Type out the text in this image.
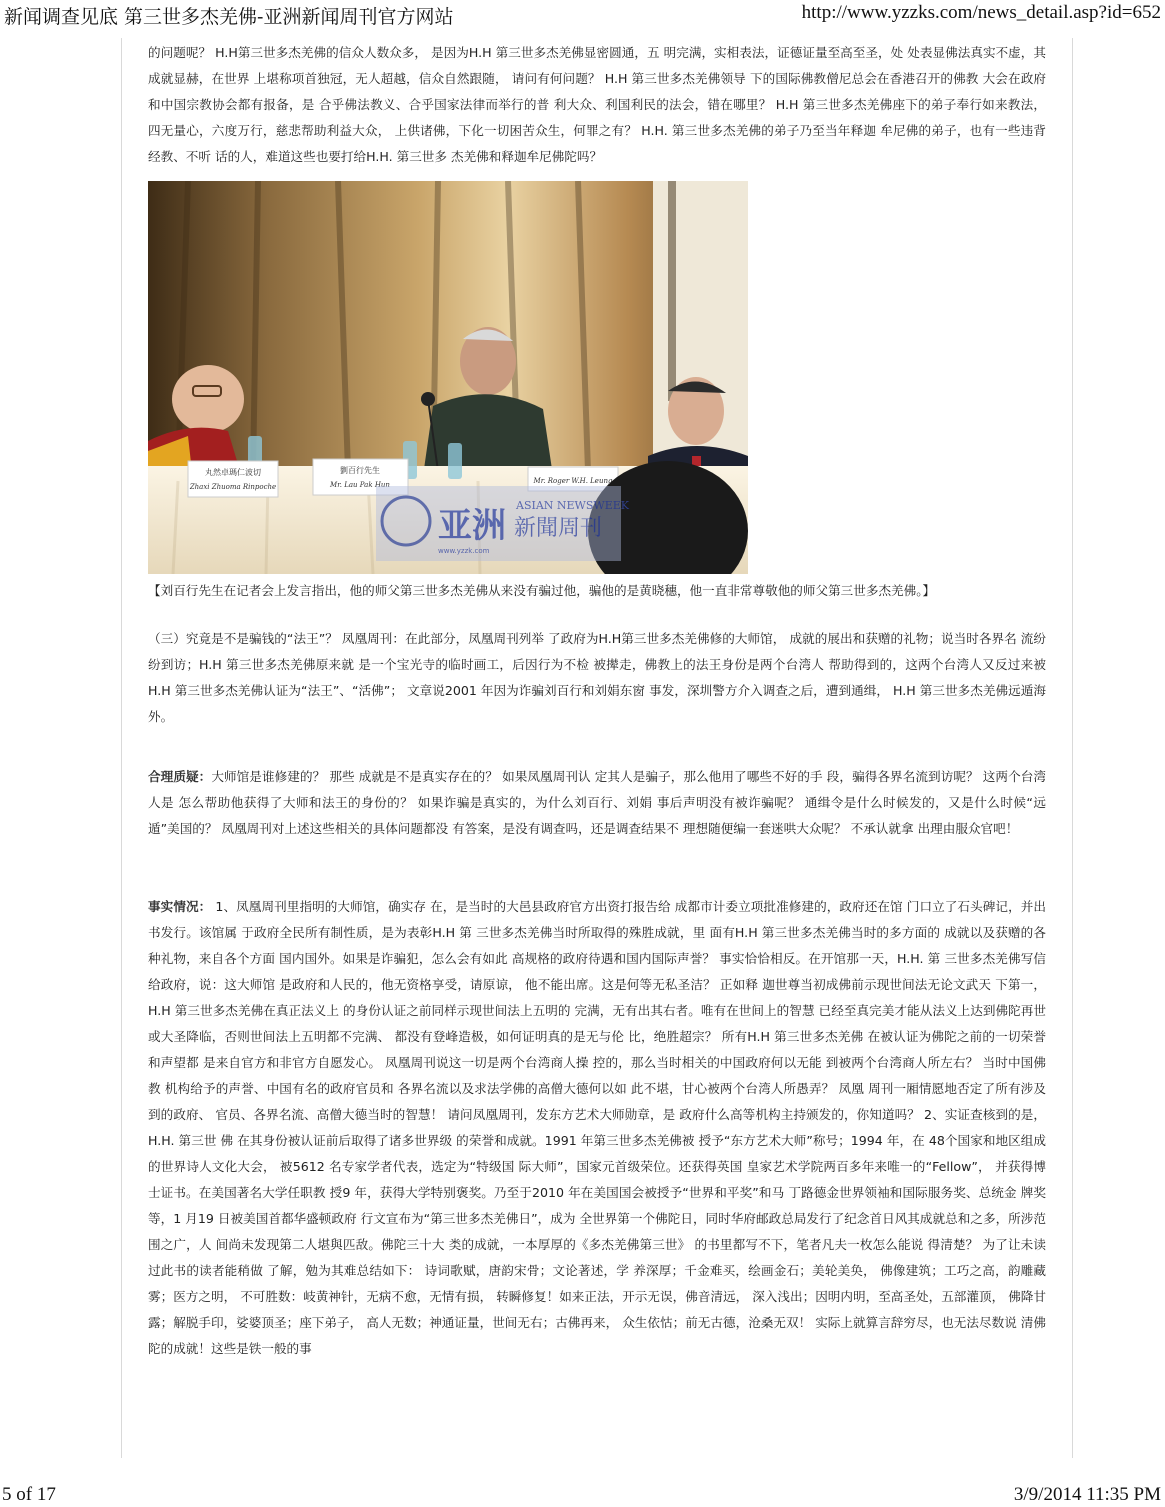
新闻调查见底 第三世多杰羌佛-亚洲新闻周刊官方网站	http://www.yzzks.com/news_detail.asp?id=652

的问题呢？ H.H第三世多杰羌佛的信众人数众多， 是因为H.H 第三世多杰羌佛显密圆通，五 明完满，实相表法，证德证量至高至圣，处 处表显佛法真实不虚，其成就显赫，在世界 上堪称项首独冠，无人超越，信众自然跟随， 请问有何问题？ H.H 第三世多杰羌佛领导 下的国际佛教僧尼总会在香港召开的佛教 大会在政府和中国宗教协会都有报备，是 合乎佛法教义、合乎国家法律而举行的普 利大众、利国利民的法会，错在哪里？ H.H 第三世多杰羌佛座下的弟子奉行如来教法， 四无量心，六度万行，慈悲帮助利益大众， 上供诸佛，下化一切困苦众生，何罪之有？ H.H. 第三世多杰羌佛的弟子乃至当年释迦 牟尼佛的弟子，也有一些违背经教、不听 话的人，难道这些也要打给H.H. 第三世多 杰羌佛和释迦牟尼佛陀吗？

丸然卓瑪仁波切
Zhaxi Zhuoma Rinpoche
劉百行先生
Mr. Lau Pak Hun	Mr. Roger W.H. Leung
亚洲
ASIAN NEWSWEEK
新聞周刊
www.yzzk.com

【刘百行先生在记者会上发言指出，他的师父第三世多杰羌佛从来没有骗过他，骗他的是黄晓穗，他一直非常尊敬他的师父第三世多杰羌佛。】

（三）究竟是不是骗钱的“法王”？ 凤凰周刊：在此部分，凤凰周刊列举 了政府为H.H第三世多杰羌佛修的大师馆， 成就的展出和获赠的礼物；说当时各界名 流纷纷到访；H.H 第三世多杰羌佛原来就 是一个宝光寺的临时画工，后因行为不检 被撵走，佛教上的法王身份是两个台湾人 帮助得到的，这两个台湾人又反过来被H.H 第三世多杰羌佛认证为“法王”、“活佛”； 文章说2001 年因为诈骗刘百行和刘娟东窗 事发，深圳警方介入调查之后，遭到通缉， H.H 第三世多杰羌佛远遁海外。

合理质疑：大师馆是谁修建的？ 那些 成就是不是真实存在的？ 如果凤凰周刊认 定其人是骗子，那么他用了哪些不好的手 段，骗得各界名流到访呢？ 这两个台湾人是 怎么帮助他获得了大师和法王的身份的？ 如果诈骗是真实的，为什么刘百行、刘娟 事后声明没有被诈骗呢？ 通缉令是什么时候发的，又是什么时候“远遁”美国的？ 凤凰周刊对上述这些相关的具体问题都没 有答案，是没有调查吗，还是调查结果不 理想随便编一套迷哄大众呢？ 不承认就拿 出理由服众官吧！

事实情况： 1、凤凰周刊里指明的大师馆，确实存 在，是当时的大邑县政府官方出资打报告给 成都市计委立项批准修建的，政府还在馆 门口立了石头碑记，并出书发行。该馆属 于政府全民所有制性质，是为表彰H.H 第 三世多杰羌佛当时所取得的殊胜成就，里 面有H.H 第三世多杰羌佛当时的多方面的 成就以及获赠的各种礼物，来自各个方面 国内国外。如果是诈骗犯，怎么会有如此 高规格的政府待遇和国内国际声誉？ 事实恰恰相反。在开馆那一天，H.H. 第 三世多杰羌佛写信给政府，说：这大师馆 是政府和人民的，他无资格享受，请原谅， 他不能出席。这是何等无私圣洁？ 正如释 迦世尊当初成佛前示现世间法无论文武天 下第一，H.H 第三世多杰羌佛在真正法义上 的身份认证之前同样示现世间法上五明的 完满，无有出其右者。唯有在世间上的智慧 已经至真完美才能从法义上达到佛陀再世 或大圣降临，否则世间法上五明都不完满、 都没有登峰造极，如何证明真的是无与伦 比，绝胜超宗？ 所有H.H 第三世多杰羌佛 在被认证为佛陀之前的一切荣誉和声望都 是来自官方和非官方自愿发心。 凤凰周刊说这一切是两个台湾商人操 控的，那么当时相关的中国政府何以无能 到被两个台湾商人所左右？ 当时中国佛教 机构给予的声誉、中国有名的政府官员和 各界名流以及求法学佛的高僧大德何以如 此不堪，甘心被两个台湾人所愚弄？ 凤凰 周刊一厢情愿地否定了所有涉及到的政府、 官员、各界名流、高僧大德当时的智慧！ 请问凤凰周刊，发东方艺术大师勋章，是 政府什么高等机构主持颁发的，你知道吗？ 2、实证查核到的是，H.H. 第三世 佛 在其身份被认证前后取得了诸多世界级 的荣誉和成就。1991 年第三世多杰羌佛被 授予“东方艺术大师”称号；1994 年，在 48个国家和地区组成的世界诗人文化大会， 被5612 名专家学者代表，选定为“特级国 际大师”，国家元首级荣位。还获得英国 皇家艺术学院两百多年来唯一的“Fellow”， 并获得博士证书。在美国著名大学任职教 授9 年，获得大学特别褒奖。乃至于2010 年在美国国会被授予“世界和平奖”和马 丁路德金世界领袖和国际服务奖、总统金 牌奖等，1 月19 日被美国首都华盛顿政府 行文宣布为“第三世多杰羌佛日”，成为 全世界第一个佛陀日，同时华府邮政总局发行了纪念首日风其成就总和之多，所涉范围之广，人 间尚未发现第二人堪與匹敌。佛陀三十大 类的成就，一本厚厚的《多杰羌佛第三世》 的书里都写不下，笔者凡夫一枚怎么能说 得清楚？ 为了让未读过此书的读者能稍做 了解，勉为其难总结如下： 诗词歌赋，唐韵宋骨；文论著述，学 养深厚；千金难买，绘画金石；美轮美奂， 佛像建筑；工巧之高，韵雕藏雾；医方之明， 不可胜数：岐黄神针，无病不愈，无情有损， 转瞬修复！如来正法，开示无误，佛音清远， 深入浅出；因明内明，至高圣处，五部灌顶， 佛降甘露；解脱手印，娑婆顶圣；座下弟子， 高人无数；神通证量，世间无右；古佛再来， 众生依怙；前无古德，沧桑无双！ 实际上就算言辞穷尽，也无法尽数说 清佛陀的成就！这些是铁一般的事

5 of 17	3/9/2014 11:35 PM
